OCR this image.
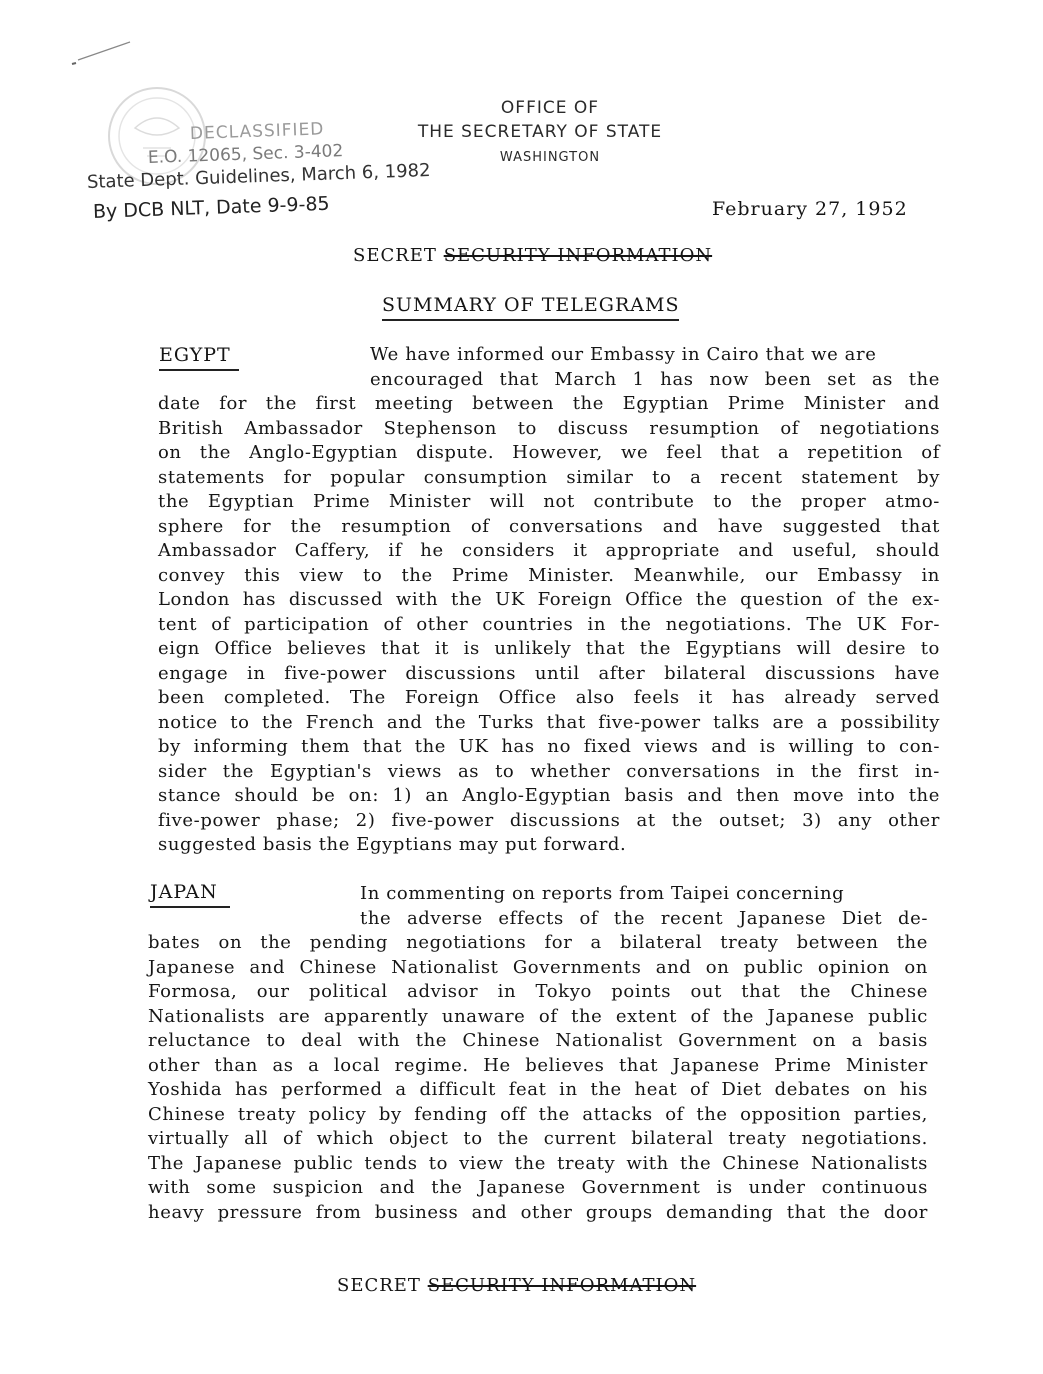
OFFICE OF
THE SECRETARY OF STATE
WASHINGTON
DECLASSIFIED
E.O. 12065, Sec. 3-402
State Dept. Guidelines, March 6, 1982
By DCB NLT, Date 9-9-85	February 27, 1952
SECRET SECURITY INFORMATION
SUMMARY OF TELEGRAMS
EGYPT	We have informed our Embassy in Cairo that we are
encouraged that March 1 has now been set as the
date for the first meeting between the Egyptian Prime Minister and
British Ambassador Stephenson to discuss resumption of negotiations
on the Anglo-Egyptian dispute. However, we feel that a repetition of
statements for popular consumption similar to a recent statement by
the Egyptian Prime Minister will not contribute to the proper atmo-
sphere for the resumption of conversations and have suggested that
Ambassador Caffery, if he considers it appropriate and useful, should
convey this view to the Prime Minister. Meanwhile, our Embassy in
London has discussed with the UK Foreign Office the question of the ex-
tent of participation of other countries in the negotiations. The UK For-
eign Office believes that it is unlikely that the Egyptians will desire to
engage in five-power discussions until after bilateral discussions have
been completed. The Foreign Office also feels it has already served
notice to the French and the Turks that five-power talks are a possibility
by informing them that the UK has no fixed views and is willing to con-
sider the Egyptian's views as to whether conversations in the first in-
stance should be on: 1) an Anglo-Egyptian basis and then move into the
five-power phase; 2) five-power discussions at the outset; 3) any other
suggested basis the Egyptians may put forward.
JAPAN	In commenting on reports from Taipei concerning
the adverse effects of the recent Japanese Diet de-
bates on the pending negotiations for a bilateral treaty between the
Japanese and Chinese Nationalist Governments and on public opinion on
Formosa, our political advisor in Tokyo points out that the Chinese
Nationalists are apparently unaware of the extent of the Japanese public
reluctance to deal with the Chinese Nationalist Government on a basis
other than as a local regime. He believes that Japanese Prime Minister
Yoshida has performed a difficult feat in the heat of Diet debates on his
Chinese treaty policy by fending off the attacks of the opposition parties,
virtually all of which object to the current bilateral treaty negotiations.
The Japanese public tends to view the treaty with the Chinese Nationalists
with some suspicion and the Japanese Government is under continuous
heavy pressure from business and other groups demanding that the door
SECRET SECURITY INFORMATION
